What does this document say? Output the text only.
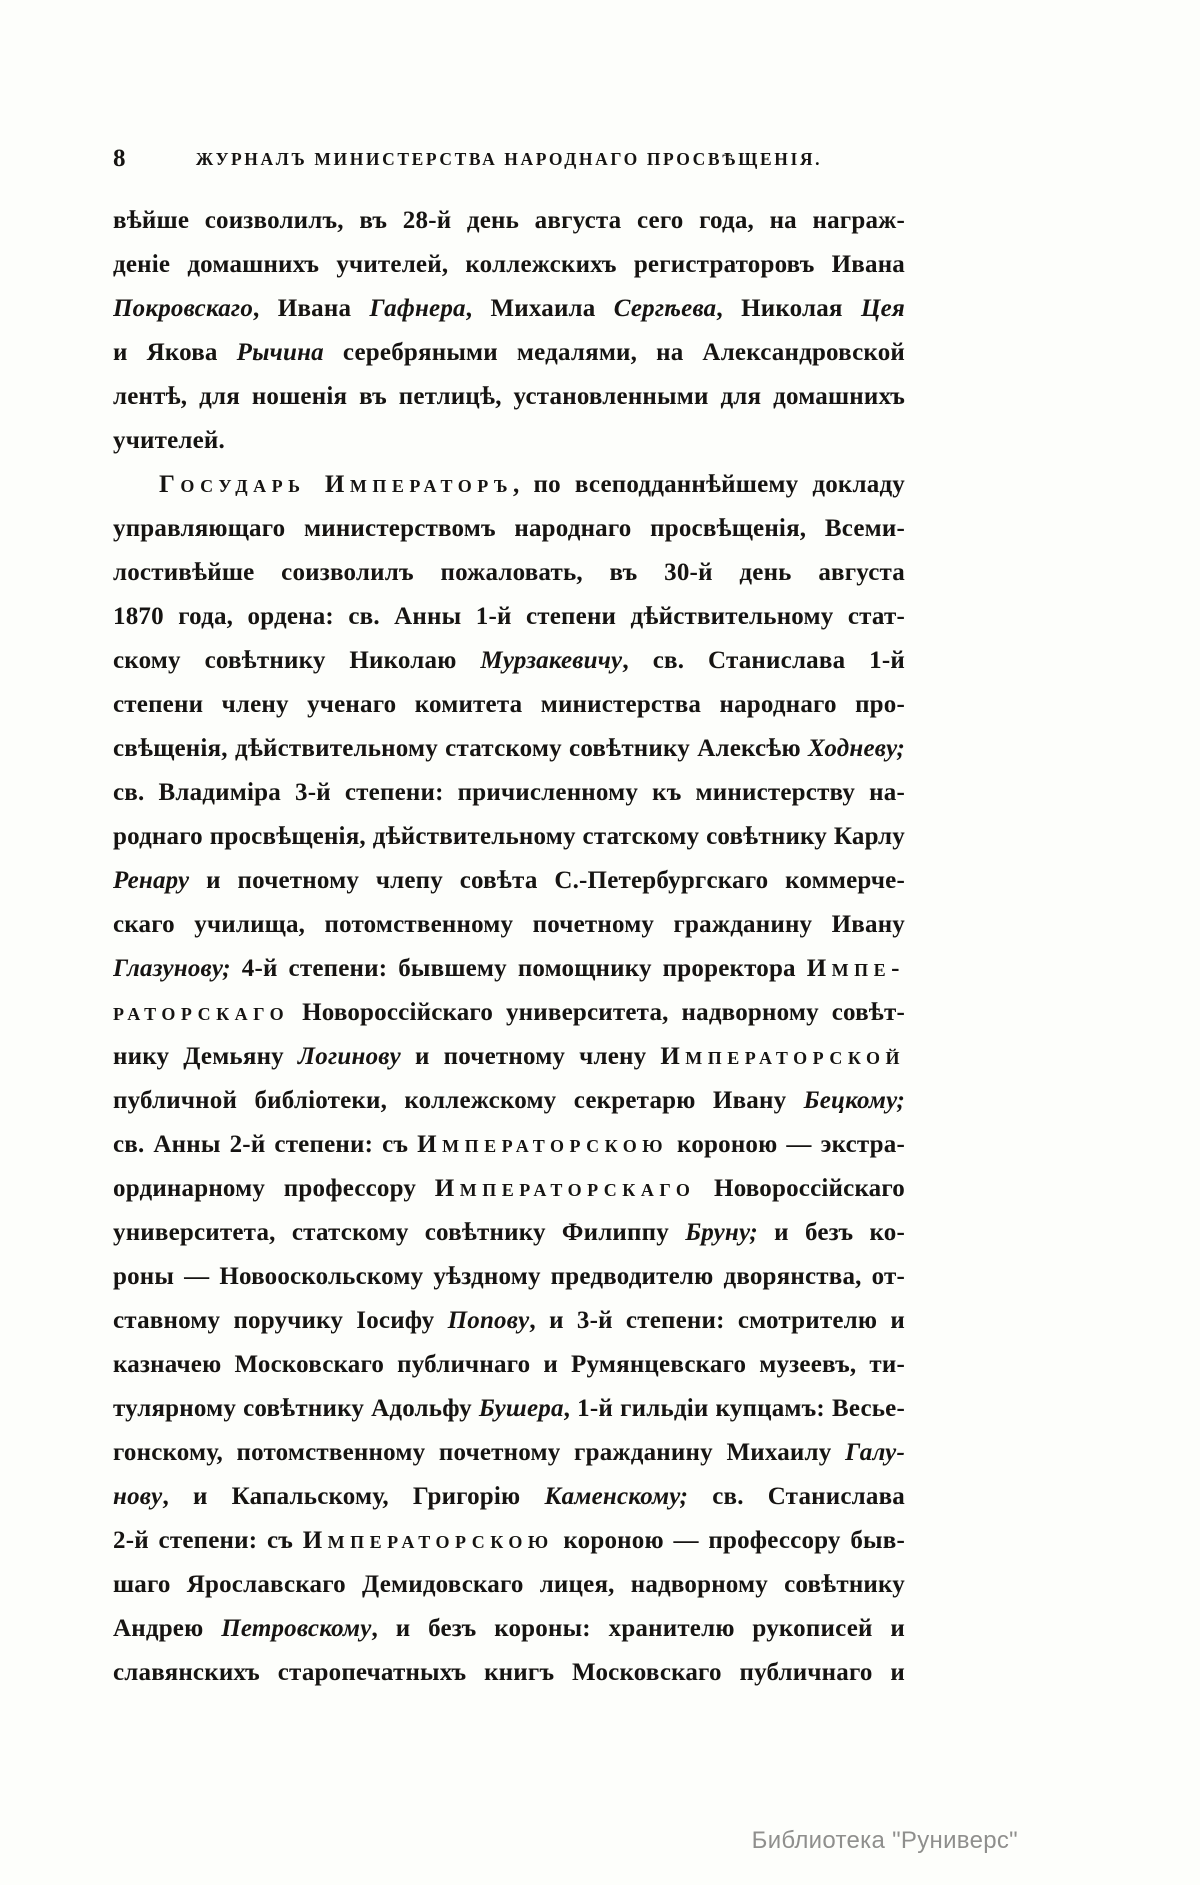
8	ЖУРНАЛЪ МИНИСТЕРСТВА НАРОДНАГО ПРОСВѢЩЕНІЯ.
вѣйше соизволилъ, въ 28-й день августа сего года, на награж-
деніе домашнихъ учителей, коллежскихъ регистраторовъ Ивана
Покровскаго, Ивана Гафнера, Михаила Сергѣева, Николая Цея
и Якова Рычина серебряными медалями, на Александровской
лентѣ, для ношенія въ петлицѣ, установленными для домашнихъ
учителей.
Государь Императоръ, по всеподданнѣйшему докладу
управляющаго министерствомъ народнаго просвѣщенія, Всеми-
лостивѣйше соизволилъ пожаловать, въ 30-й день августа
1870 года, ордена: св. Анны 1-й степени дѣйствительному стат-
скому совѣтнику Николаю Мурзакевичу, св. Станислава 1-й
степени члену ученаго комитета министерства народнаго про-
свѣщенія, дѣйствительному статскому совѣтнику Алексѣю Ходневу;
св. Владиміра 3-й степени: причисленному къ министерству на-
роднаго просвѣщенія, дѣйствительному статскому совѣтнику Карлу
Ренару и почетному члепу совѣта С.-Петербургскаго коммерче-
скаго училища, потомственному почетному гражданину Ивану
Глазунову; 4-й степени: бывшему помощнику проректора Импе-
раторскаго Новороссійскаго университета, надворному совѣт-
нику Демьяну Логинову и почетному члену Императорской
публичной библіотеки, коллежскому секретарю Ивану Бецкому;
св. Анны 2-й степени: съ Императорскою короною — экстра-
ординарному профессору Императорскаго Новороссійскаго
университета, статскому совѣтнику Филиппу Бруну; и безъ ко-
роны — Новооскольскому уѣздному предводителю дворянства, от-
ставному поручику Іосифу Попову, и 3-й степени: смотрителю и
казначею Московскаго публичнаго и Румянцевскаго музеевъ, ти-
тулярному совѣтнику Адольфу Бушера, 1-й гильдіи купцамъ: Весье-
гонскому, потомственному почетному гражданину Михаилу Галу-
нову, и Капальскому, Григорію Каменскому; св. Станислава
2-й степени: съ Императорскою короною — профессору быв-
шаго Ярославскаго Демидовскаго лицея, надворному совѣтнику
Андрею Петровскому, и безъ короны: хранителю рукописей и
славянскихъ старопечатныхъ книгъ Московскаго публичнаго и
Библиотека "Руниверс"
